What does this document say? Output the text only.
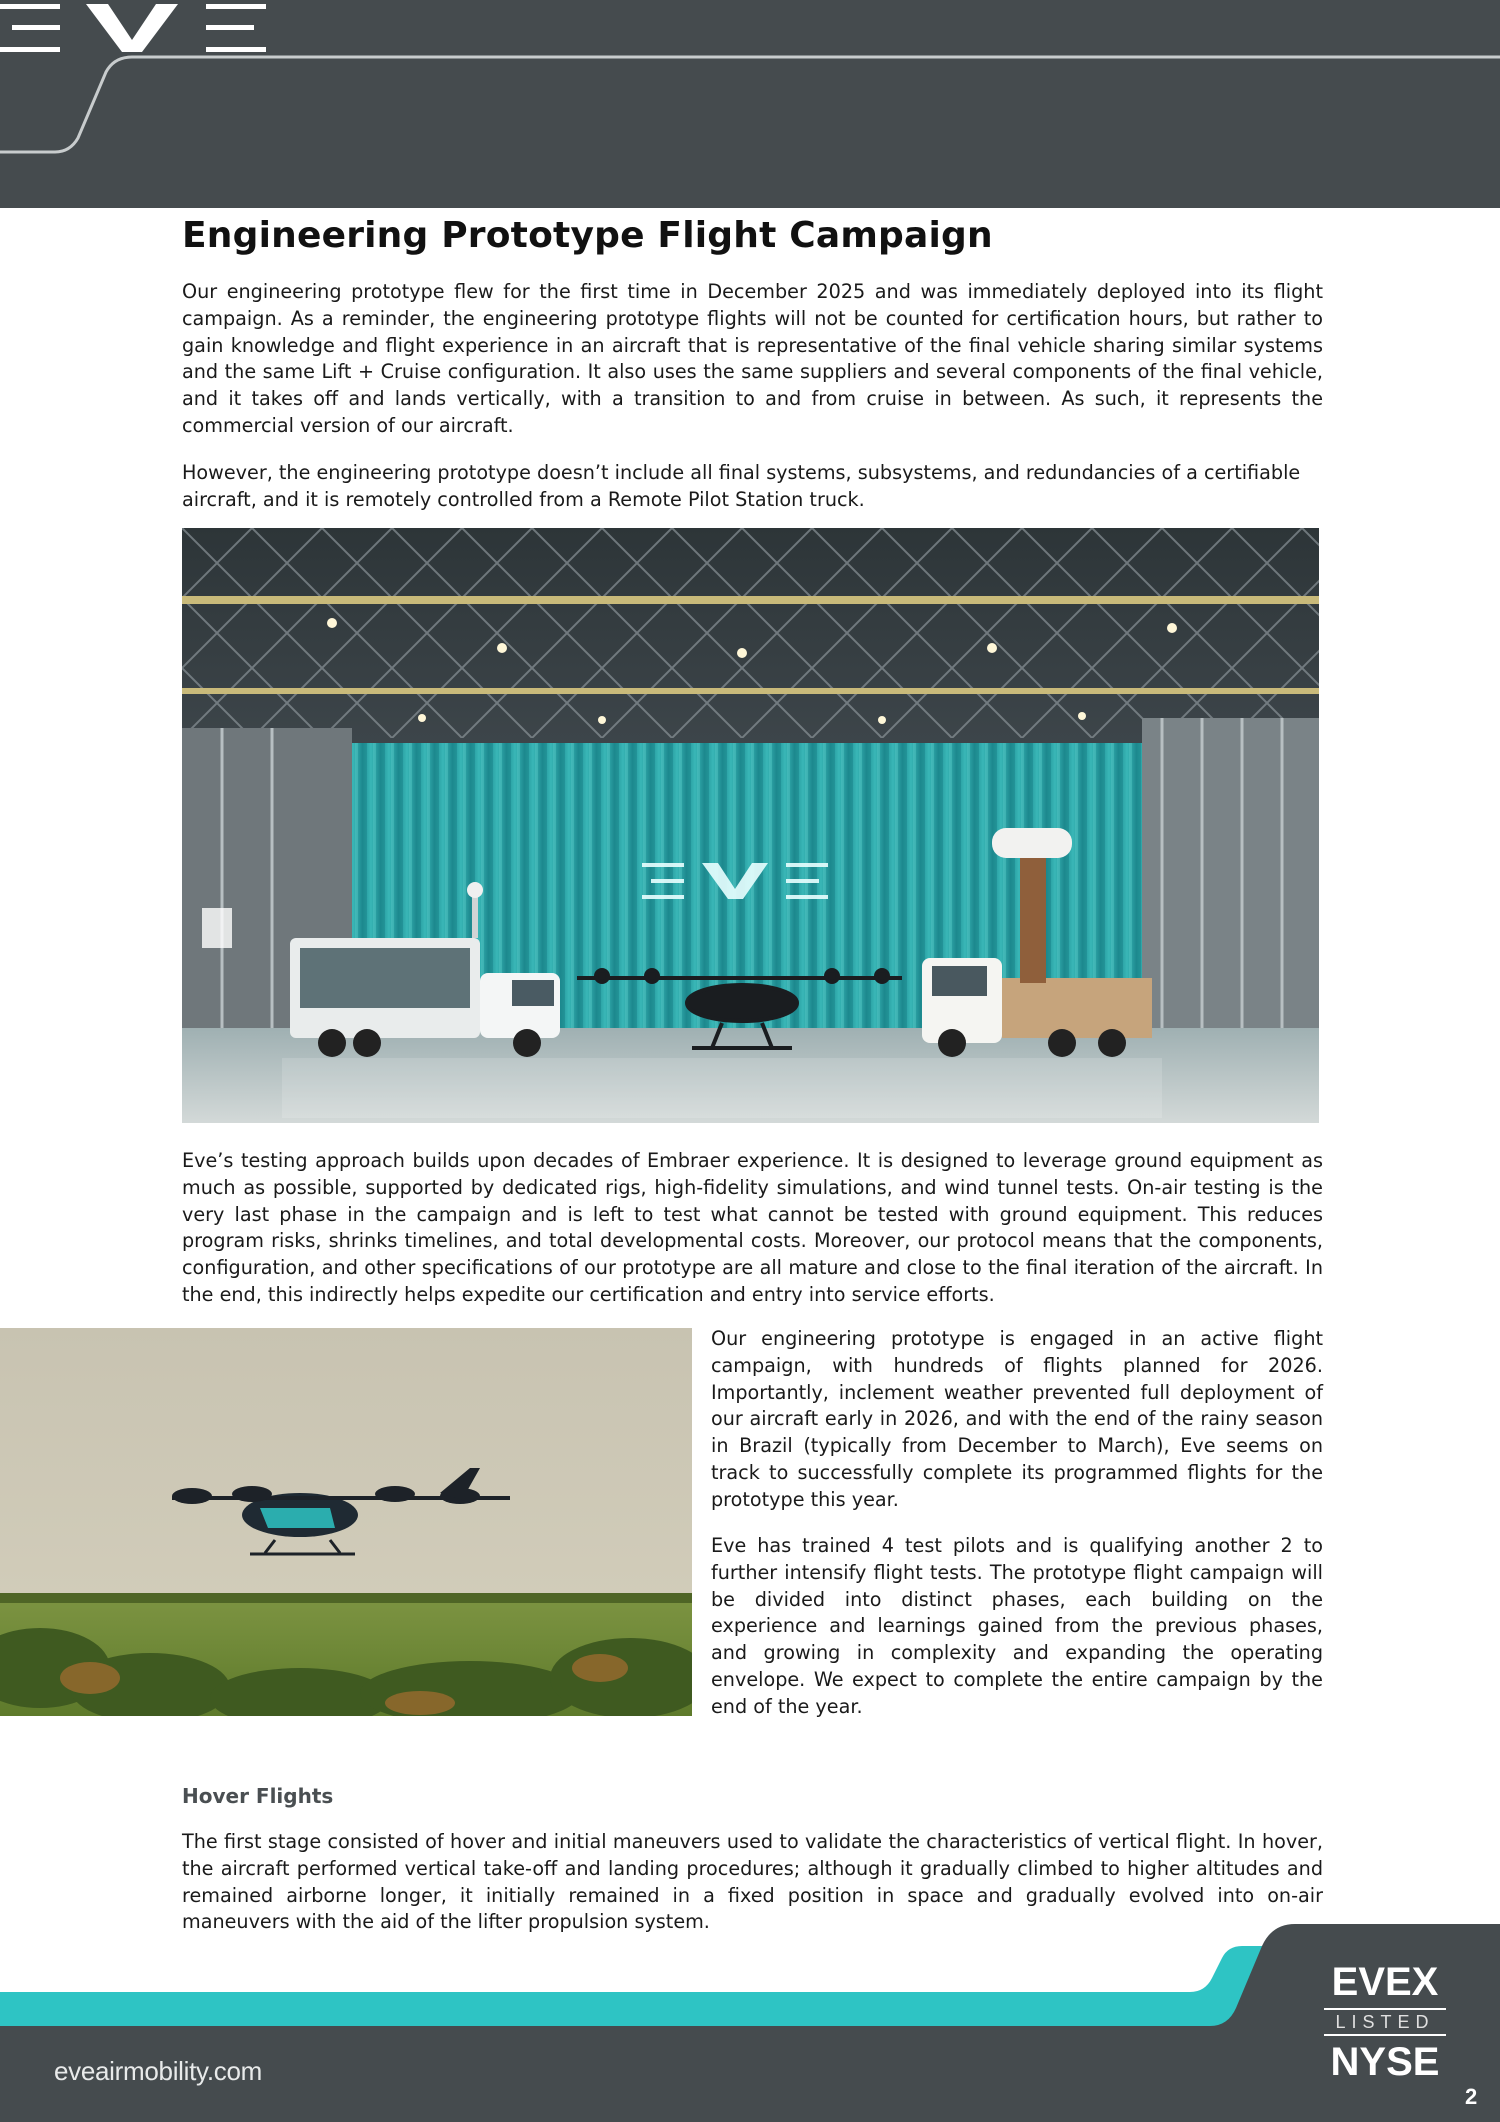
Engineering Prototype Flight Campaign

Our engineering prototype flew for the first time in December 2025 and was immediately deployed into its flight campaign. As a reminder, the engineering prototype flights will not be counted for certification hours, but rather to gain knowledge and flight experience in an aircraft that is representative of the final vehicle sharing similar systems and the same Lift + Cruise configuration. It also uses the same suppliers and several components of the final vehicle, and it takes off and lands vertically, with a transition to and from cruise in between. As such, it represents the commercial version of our aircraft.

However, the engineering prototype doesn’t include all final systems, subsystems, and redundancies of a certifiable aircraft, and it is remotely controlled from a Remote Pilot Station truck.

Eve’s testing approach builds upon decades of Embraer experience. It is designed to leverage ground equipment as much as possible, supported by dedicated rigs, high-fidelity simulations, and wind tunnel tests. On-air testing is the very last phase in the campaign and is left to test what cannot be tested with ground equipment. This reduces program risks, shrinks timelines, and total developmental costs. Moreover, our protocol means that the components, configuration, and other specifications of our prototype are all mature and close to the final iteration of the aircraft. In the end, this indirectly helps expedite our certification and entry into service efforts.

Our engineering prototype is engaged in an active flight campaign, with hundreds of flights planned for 2026. Importantly, inclement weather prevented full deployment of our aircraft early in 2026, and with the end of the rainy season in Brazil (typically from December to March), Eve seems on track to successfully complete its programmed flights for the prototype this year.

Eve has trained 4 test pilots and is qualifying another 2 to further intensify flight tests. The prototype flight campaign will be divided into distinct phases, each building on the experience and learnings gained from the previous phases, and growing in complexity and expanding the operating envelope. We expect to complete the entire campaign by the end of the year.

Hover Flights

The first stage consisted of hover and initial maneuvers used to validate the characteristics of vertical flight. In hover, the aircraft performed vertical take-off and landing procedures; although it gradually climbed to higher altitudes and remained airborne longer, it initially remained in a fixed position in space and gradually evolved into on-air maneuvers with the aid of the lifter propulsion system.

eveairmobility.com
EVEX
LISTED
NYSE
2
